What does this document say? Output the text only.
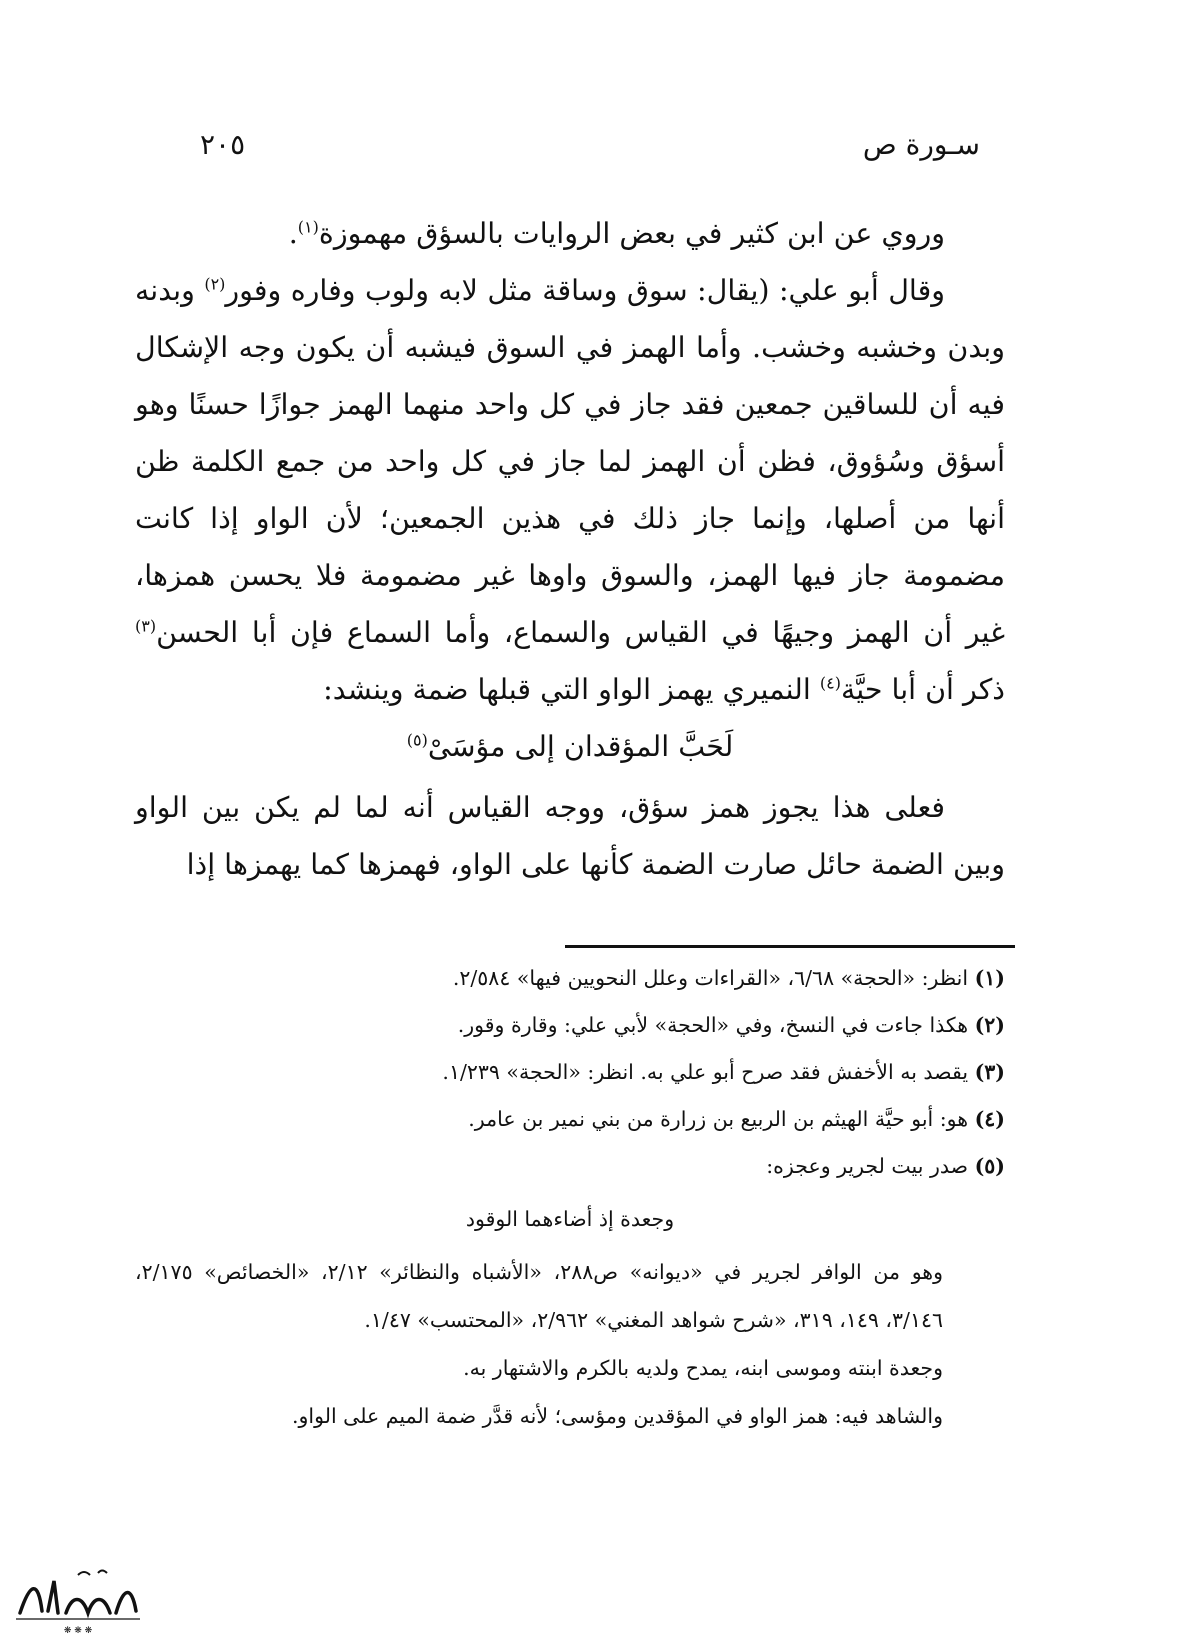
سـورة ص
٢٠٥

وروي عن ابن كثير في بعض الروايات بالسؤق مهموزة$^{(١)}$.

وقال أبو علي: (يقال: سوق وساقة مثل لابه ولوب وفاره وفور$^{(٢)}$ وبدنه وبدن وخشبه وخشب. وأما الهمز في السوق فيشبه أن يكون وجه الإشكال فيه أن للساقين جمعين فقد جاز في كل واحد منهما الهمز جوازًا حسنًا وهو أسؤق وسُؤوق، فظن أن الهمز لما جاز في كل واحد من جمع الكلمة ظن أنها من أصلها، وإنما جاز ذلك في هذين الجمعين؛ لأن الواو إذا كانت مضمومة جاز فيها الهمز، والسوق واوها غير مضمومة فلا يحسن همزها، غير أن الهمز وجيهًا في القياس والسماع، وأما السماع فإن أبا الحسن$^{(٣)}$ ذكر أن أبا حيَّة$^{(٤)}$ النميري يهمز الواو التي قبلها ضمة وينشد:

لَحَبَّ المؤقدان إلى مؤسَىْ$^{(٥)}$

فعلى هذا يجوز همز سؤق، ووجه القياس أنه لما لم يكن بين الواو وبين الضمة حائل صارت الضمة كأنها على الواو، فهمزها كما يهمزها إذا

(١) انظر: «الحجة» ٦/٦٨، «القراءات وعلل النحويين فيها» ٢/٥٨٤.

(٢) هكذا جاءت في النسخ، وفي «الحجة» لأبي علي: وقارة وقور.

(٣) يقصد به الأخفش فقد صرح أبو علي به. انظر: «الحجة» ١/٢٣٩.

(٤) هو: أبو حيَّة الهيثم بن الربيع بن زرارة من بني نمير بن عامر.

(٥) صدر بيت لجرير وعجزه:

وجعدة إذ أضاءهما الوقود

وهو من الوافر لجرير في «ديوانه» ص٢٨٨، «الأشباه والنظائر» ٢/١٢، «الخصائص» ٢/١٧٥، ٣/١٤٦، ١٤٩، ٣١٩، «شرح شواهد المغني» ٢/٩٦٢، «المحتسب» ١/٤٧.

وجعدة ابنته وموسى ابنه، يمدح ولديه بالكرم والاشتهار به.

والشاهد فيه: همز الواو في المؤقدين ومؤسى؛ لأنه قدَّر ضمة الميم على الواو.

❋ ❋ ❋
